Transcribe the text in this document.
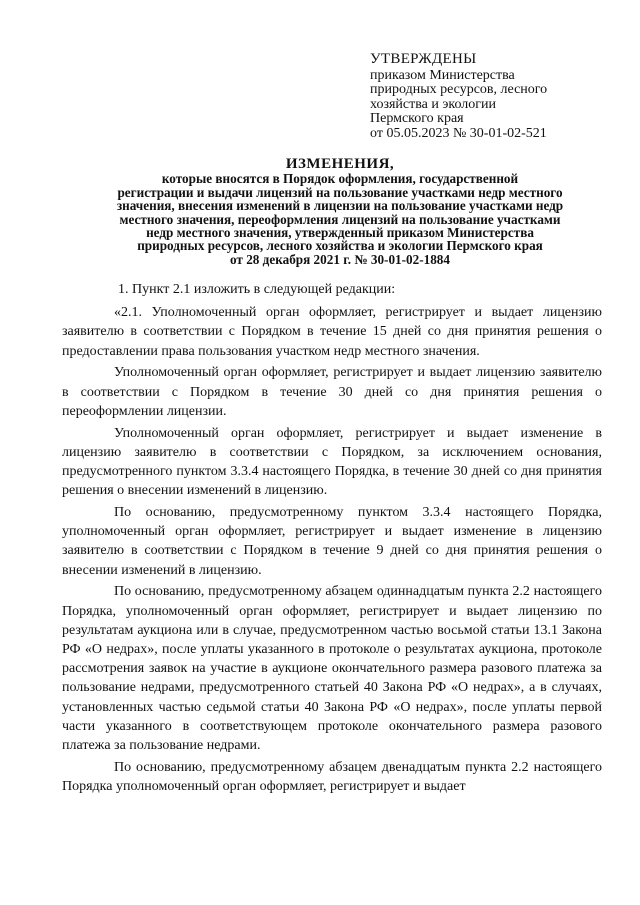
УТВЕРЖДЕНЫ
приказом Министерства
природных ресурсов, лесного
хозяйства и экологии
Пермского края
от 05.05.2023 № 30-01-02-521
ИЗМЕНЕНИЯ,
которые вносятся в Порядок оформления, государственной
регистрации и выдачи лицензий на пользование участками недр местного
значения, внесения изменений в лицензии на пользование участками недр
местного значения, переоформления лицензий на пользование участками
недр местного значения, утвержденный приказом Министерства
природных ресурсов, лесного хозяйства и экологии Пермского края
от 28 декабря 2021 г. № 30-01-02-1884

1. Пункт 2.1 изложить в следующей редакции:

«2.1. Уполномоченный орган оформляет, регистрирует и выдает лицензию заявителю в соответствии с Порядком в течение 15 дней со дня принятия решения о предоставлении права пользования участком недр местного значения.

Уполномоченный орган оформляет, регистрирует и выдает лицензию заявителю в соответствии с Порядком в течение 30 дней со дня принятия решения о переоформлении лицензии.

Уполномоченный орган оформляет, регистрирует и выдает изменение в лицензию заявителю в соответствии с Порядком, за исключением основания, предусмотренного пунктом 3.3.4 настоящего Порядка, в течение 30 дней со дня принятия решения о внесении изменений в лицензию.

По основанию, предусмотренному пунктом 3.3.4 настоящего Порядка, уполномоченный орган оформляет, регистрирует и выдает изменение в лицензию заявителю в соответствии с Порядком в течение 9 дней со дня принятия решения о внесении изменений в лицензию.

По основанию, предусмотренному абзацем одиннадцатым пункта 2.2 настоящего Порядка, уполномоченный орган оформляет, регистрирует и выдает лицензию по результатам аукциона или в случае, предусмотренном частью восьмой статьи 13.1 Закона РФ «О недрах», после уплаты указанного в протоколе о результатах аукциона, протоколе рассмотрения заявок на участие в аукционе окончательного размера разового платежа за пользование недрами, предусмотренного статьей 40 Закона РФ «О недрах», а в случаях, установленных частью седьмой статьи 40 Закона РФ «О недрах», после уплаты первой части указанного в соответствующем протоколе окончательного размера разового платежа за пользование недрами.

По основанию, предусмотренному абзацем двенадцатым пункта 2.2 настоящего Порядка уполномоченный орган оформляет, регистрирует и выдает
